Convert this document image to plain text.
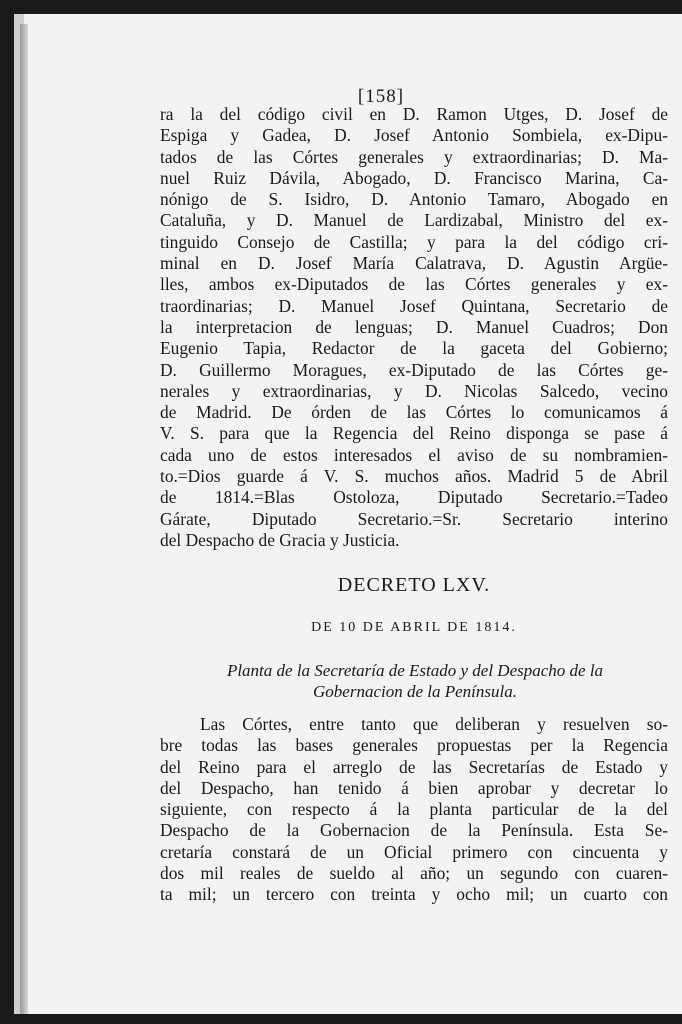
[158]
ra la del código civil en D. Ramon Utges, D. Josef de
Espiga y Gadea, D. Josef Antonio Sombiela, ex-Dipu-
tados de las Córtes generales y extraordinarias; D. Ma-
nuel Ruiz Dávila, Abogado, D. Francisco Marina, Ca-
nónigo de S. Isidro, D. Antonio Tamaro, Abogado en
Cataluña, y D. Manuel de Lardizabal, Ministro del ex-
tinguido Consejo de Castilla; y para la del código cri-
minal en D. Josef María Calatrava, D. Agustin Argüe-
lles, ambos ex-Diputados de las Córtes generales y ex-
traordinarias; D. Manuel Josef Quintana, Secretario de
la interpretacion de lenguas; D. Manuel Cuadros; Don
Eugenio Tapia, Redactor de la gaceta del Gobierno;
D. Guillermo Moragues, ex-Diputado de las Córtes ge-
nerales y extraordinarias, y D. Nicolas Salcedo, vecino
de Madrid. De órden de las Córtes lo comunicamos á
V. S. para que la Regencia del Reino disponga se pase á
cada uno de estos interesados el aviso de su nombramien-
to.=Dios guarde á V. S. muchos años. Madrid 5 de Abril
de 1814.=Blas Ostoloza, Diputado Secretario.=Tadeo
Gárate, Diputado Secretario.=Sr. Secretario interino
del Despacho de Gracia y Justicia.
DECRETO LXV.
DE 10 DE ABRIL DE 1814.
Planta de la Secretaría de Estado y del Despacho de la
Gobernacion de la Península.
Las Córtes, entre tanto que deliberan y resuelven so-
bre todas las bases generales propuestas per la Regencia
del Reino para el arreglo de las Secretarías de Estado y
del Despacho, han tenido á bien aprobar y decretar lo
siguiente, con respecto á la planta particular de la del
Despacho de la Gobernacion de la Península. Esta Se-
cretaría constará de un Oficial primero con cincuenta y
dos mil reales de sueldo al año; un segundo con cuaren-
ta mil; un tercero con treinta y ocho mil; un cuarto con
